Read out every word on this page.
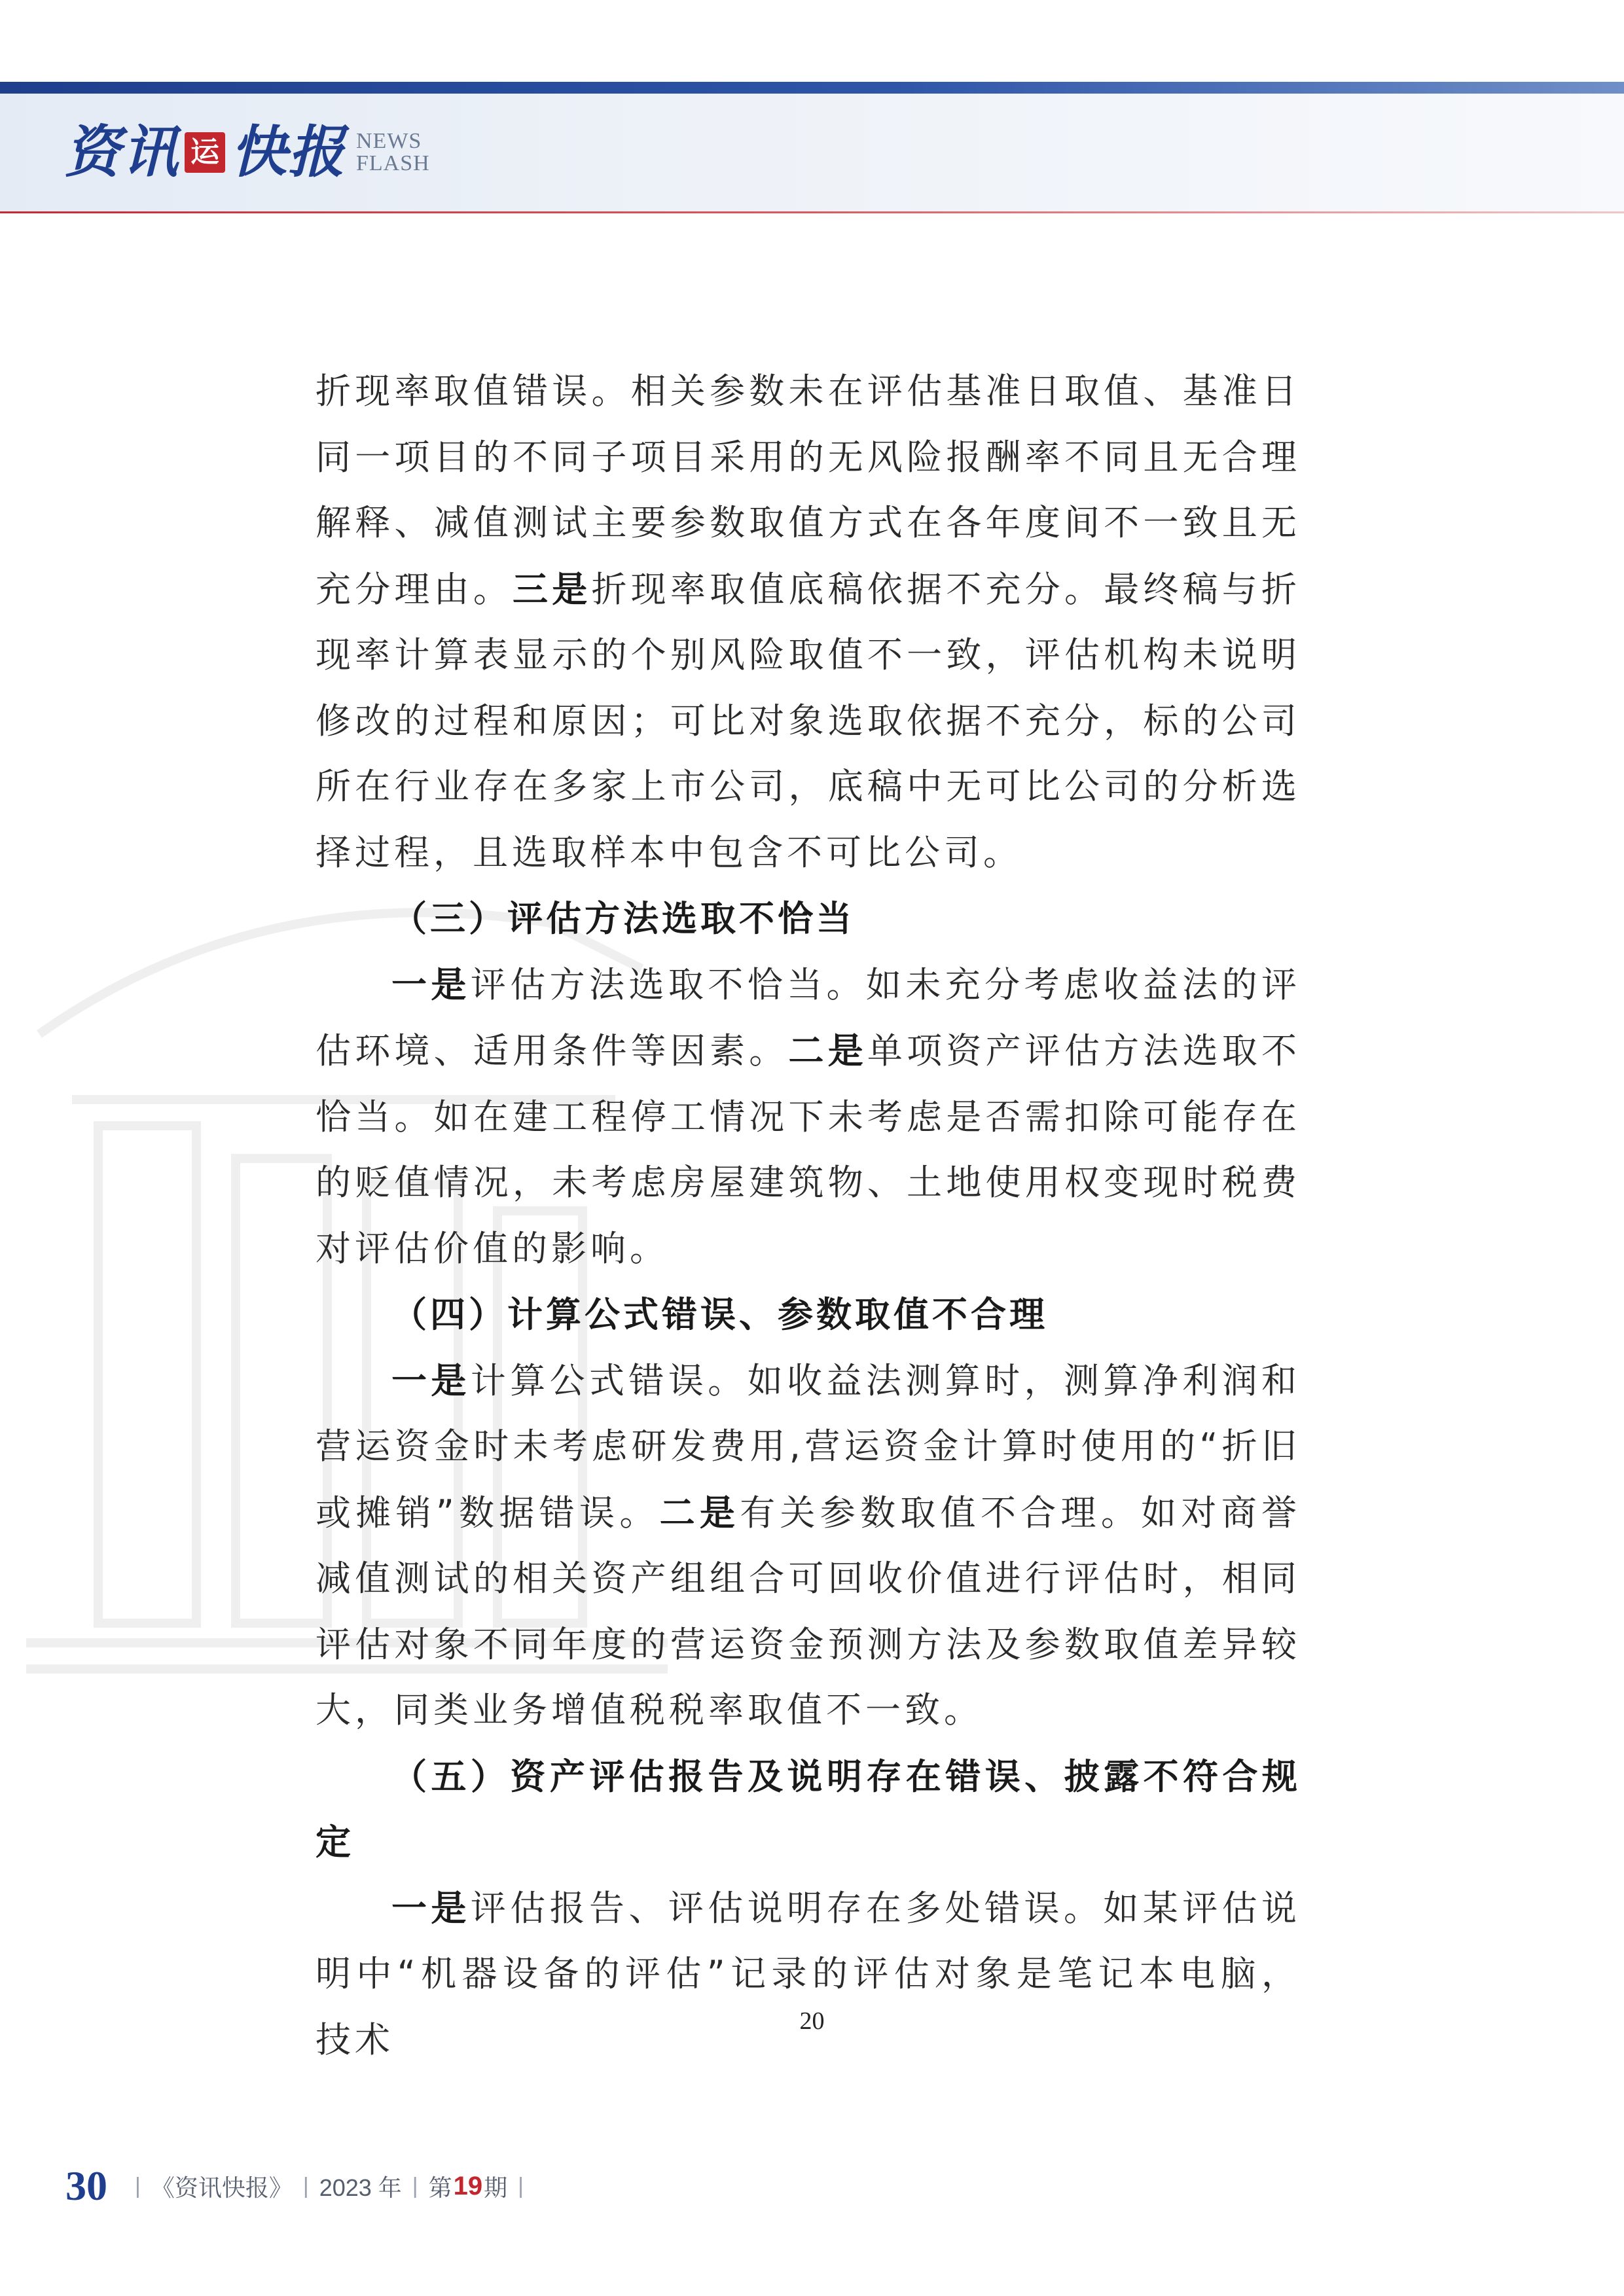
资讯 运 快报 NEWS
FLASH

折现率取值错误。相关参数未在评估基准日取值、基准日同一项目的不同子项目采用的无风险报酬率不同且无合理解释、减值测试主要参数取值方式在各年度间不一致且无充分理由。三是折现率取值底稿依据不充分。最终稿与折现率计算表显示的个别风险取值不一致，评估机构未说明修改的过程和原因；可比对象选取依据不充分，标的公司所在行业存在多家上市公司，底稿中无可比公司的分析选择过程，且选取样本中包含不可比公司。

（三）评估方法选取不恰当

一是评估方法选取不恰当。如未充分考虑收益法的评估环境、适用条件等因素。二是单项资产评估方法选取不恰当。如在建工程停工情况下未考虑是否需扣除可能存在的贬值情况，未考虑房屋建筑物、土地使用权变现时税费对评估价值的影响。

（四）计算公式错误、参数取值不合理

一是计算公式错误。如收益法测算时，测算净利润和营运资金时未考虑研发费用,营运资金计算时使用的“折旧或摊销”数据错误。二是有关参数取值不合理。如对商誉减值测试的相关资产组组合可回收价值进行评估时，相同评估对象不同年度的营运资金预测方法及参数取值差异较大，同类业务增值税税率取值不一致。

（五）资产评估报告及说明存在错误、披露不符合规定

一是评估报告、评估说明存在多处错误。如某评估说明中“机器设备的评估”记录的评估对象是笔记本电脑，技术	20
30 | 《资讯快报》 | 2023 年 | 第 19 期 |
